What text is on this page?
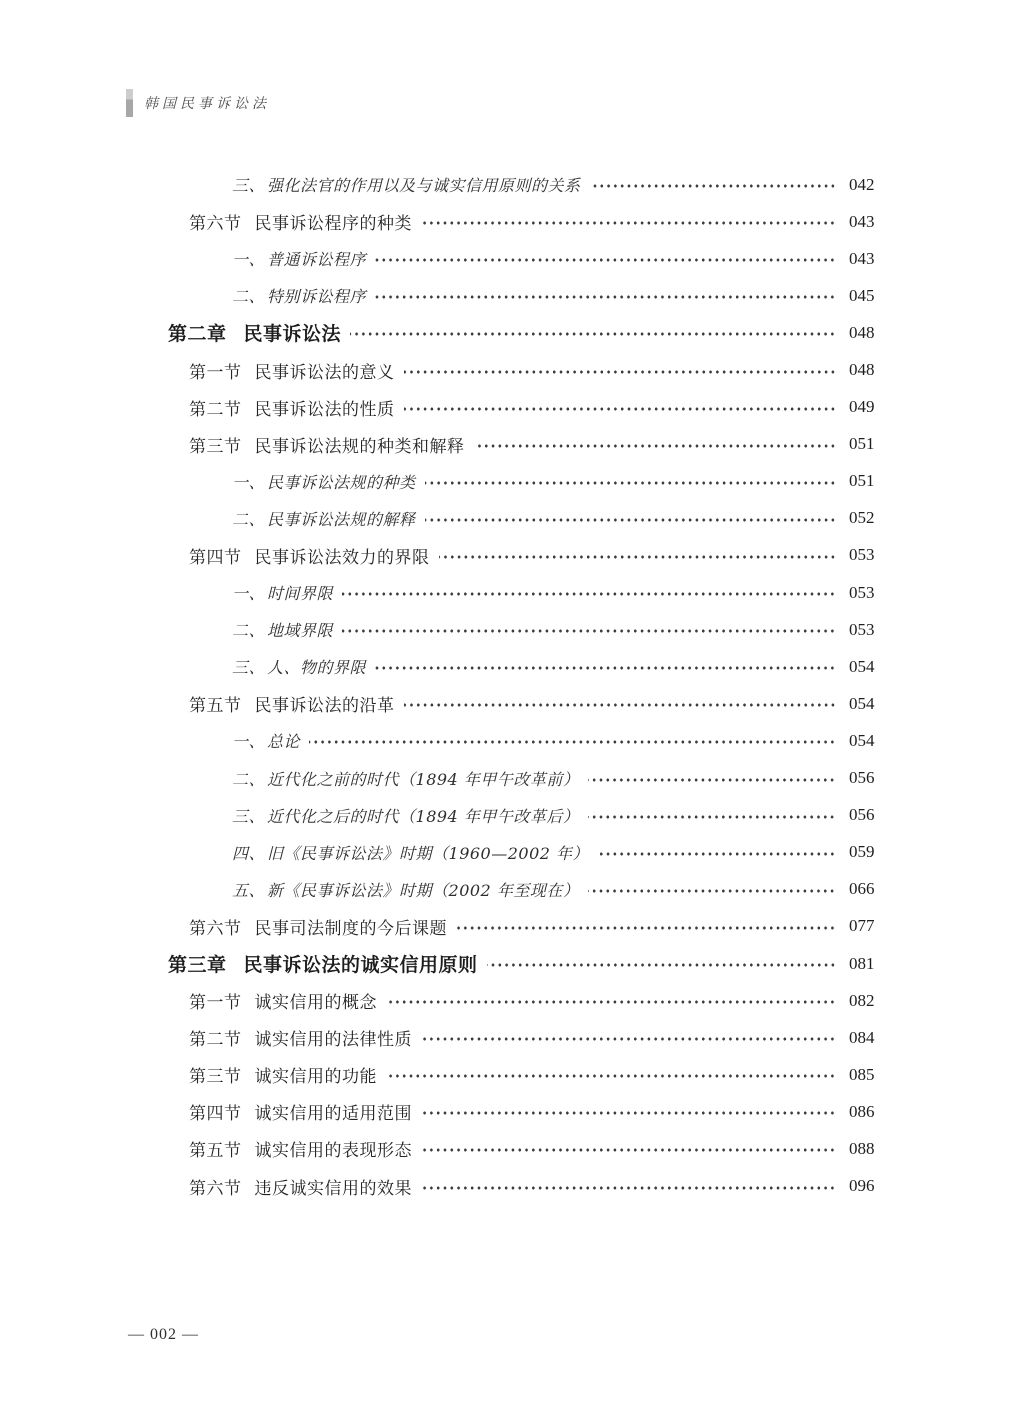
韩国民事诉讼法
三、 强化法官的作用以及与诚实信用原则的关系	042
第六节 民事诉讼程序的种类	043
一、 普通诉讼程序	043
二、 特别诉讼程序	045
第二章 民事诉讼法	048
第一节 民事诉讼法的意义	048
第二节 民事诉讼法的性质	049
第三节 民事诉讼法规的种类和解释	051
一、 民事诉讼法规的种类	051
二、 民事诉讼法规的解释	052
第四节 民事诉讼法效力的界限	053
一、 时间界限	053
二、 地域界限	053
三、 人、物的界限	054
第五节 民事诉讼法的沿革	054
一、 总论	054
二、 近代化之前的时代（1894 年甲午改革前）	056
三、 近代化之后的时代（1894 年甲午改革后）	056
四、 旧《民事诉讼法》时期（1960—2002 年）	059
五、 新《民事诉讼法》时期（2002 年至现在）	066
第六节 民事司法制度的今后课题	077
第三章 民事诉讼法的诚实信用原则	081
第一节 诚实信用的概念	082
第二节 诚实信用的法律性质	084
第三节 诚实信用的功能	085
第四节 诚实信用的适用范围	086
第五节 诚实信用的表现形态	088
第六节 违反诚实信用的效果	096
— 002 —
